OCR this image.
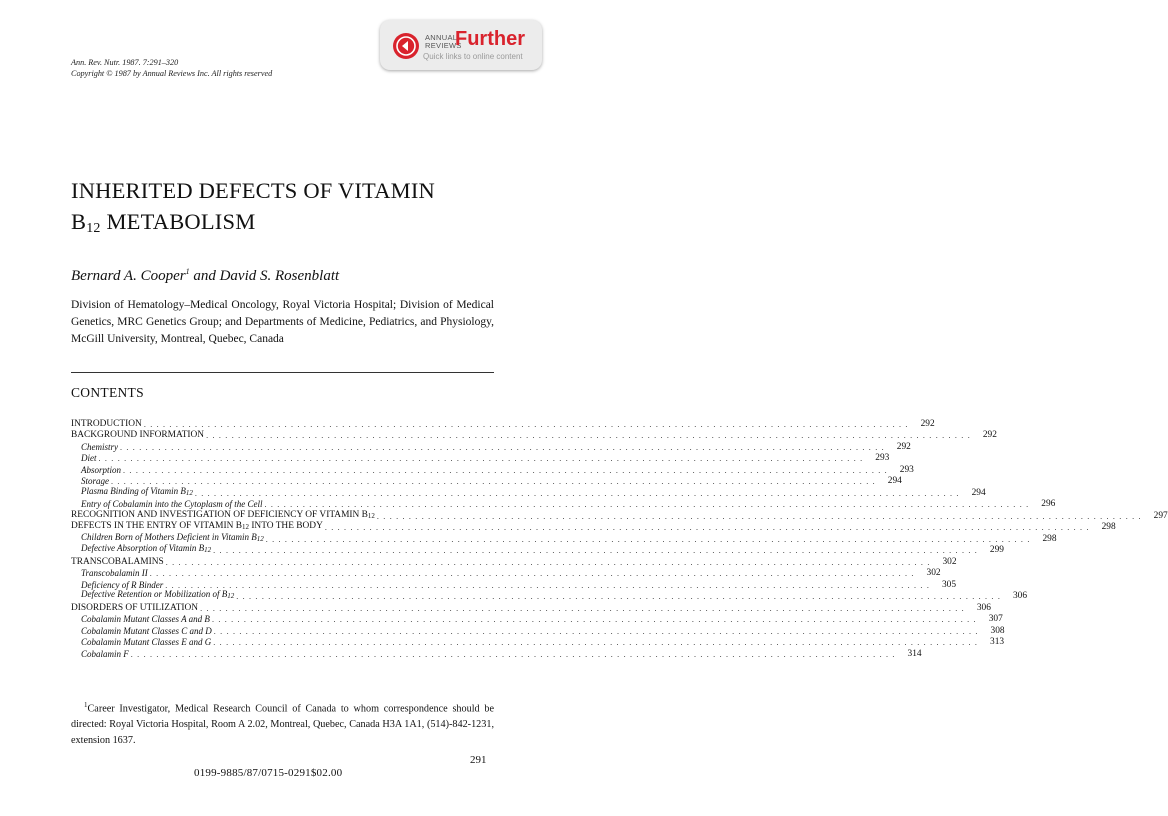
Ann. Rev. Nutr. 1987. 7:291–320
Copyright © 1987 by Annual Reviews Inc. All rights reserved
ANNUAL
REVIEWS
Further
Quick links to online content
INHERITED DEFECTS OF VITAMIN
$B_{12}$ METABOLISM
Bernard A. Cooper$^1$ and David S. Rosenblatt
Division of Hematology–Medical Oncology, Royal Victoria Hospital; Division of Medical Genetics, MRC Genetics Group; and Departments of Medicine, Pediatrics, and Physiology, McGill University, Montreal, Quebec, Canada
CONTENTS
INTRODUCTION . . . . . . . . . . . . . . . . . . . . . . . . . . . . . . . . . . . . . . . . . . . . . . . . . . . . . . . . . . . . . . . . . . . . . . . . . . . . . . . . . . . . . . . . . . . . . . . . . . . . . . . . . . . . . . . . . . . . . . . .	292
BACKGROUND INFORMATION . . . . . . . . . . . . . . . . . . . . . . . . . . . . . . . . . . . . . . . . . . . . . . . . . . . . . . . . . . . . . . . . . . . . . . . . . . . . . . . . . . . . . . . . . . . . . . . . . . . . . . . . . . . . . . . . . . . . . . . .	292
Chemistry . . . . . . . . . . . . . . . . . . . . . . . . . . . . . . . . . . . . . . . . . . . . . . . . . . . . . . . . . . . . . . . . . . . . . . . . . . . . . . . . . . . . . . . . . . . . . . . . . . . . . . . . . . . . . . . . . . . . . . . .	292
Diet . . . . . . . . . . . . . . . . . . . . . . . . . . . . . . . . . . . . . . . . . . . . . . . . . . . . . . . . . . . . . . . . . . . . . . . . . . . . . . . . . . . . . . . . . . . . . . . . . . . . . . . . . . . . . . . . . . . . . . . .	293
Absorption . . . . . . . . . . . . . . . . . . . . . . . . . . . . . . . . . . . . . . . . . . . . . . . . . . . . . . . . . . . . . . . . . . . . . . . . . . . . . . . . . . . . . . . . . . . . . . . . . . . . . . . . . . . . . . . . . . . . . . . .	293
Storage . . . . . . . . . . . . . . . . . . . . . . . . . . . . . . . . . . . . . . . . . . . . . . . . . . . . . . . . . . . . . . . . . . . . . . . . . . . . . . . . . . . . . . . . . . . . . . . . . . . . . . . . . . . . . . . . . . . . . . . .	294
Plasma Binding of Vitamin $B_{12}$ . . . . . . . . . . . . . . . . . . . . . . . . . . . . . . . . . . . . . . . . . . . . . . . . . . . . . . . . . . . . . . . . . . . . . . . . . . . . . . . . . . . . . . . . . . . . . . . . . . . . . . . . . . . . . . . . . . . . . . . .	294
Entry of Cobalamin into the Cytoplasm of the Cell . . . . . . . . . . . . . . . . . . . . . . . . . . . . . . . . . . . . . . . . . . . . . . . . . . . . . . . . . . . . . . . . . . . . . . . . . . . . . . . . . . . . . . . . . . . . . . . . . . . . . . . . . . . . . . . . . . . . . . . .	296
RECOGNITION AND INVESTIGATION OF DEFICIENCY OF VITAMIN $B_{12}$ . . . . . . . . . . . . . . . . . . . . . . . . . . . . . . . . . . . . . . . . . . . . . . . . . . . . . . . . . . . . . . . . . . . . . . . . . . . . . . . . . . . . . . . . . . . . . . . . . . . . . . . . . . . . . . . . . . . . . . . .	297
DEFECTS IN THE ENTRY OF VITAMIN $B_{12}$ INTO THE BODY . . . . . . . . . . . . . . . . . . . . . . . . . . . . . . . . . . . . . . . . . . . . . . . . . . . . . . . . . . . . . . . . . . . . . . . . . . . . . . . . . . . . . . . . . . . . . . . . . . . . . . . . . . . . . . . . . . . . . . . .	298
Children Born of Mothers Deficient in Vitamin $B_{12}$ . . . . . . . . . . . . . . . . . . . . . . . . . . . . . . . . . . . . . . . . . . . . . . . . . . . . . . . . . . . . . . . . . . . . . . . . . . . . . . . . . . . . . . . . . . . . . . . . . . . . . . . . . . . . . . . . . . . . . . . .	298
Defective Absorption of Vitamin $B_{12}$ . . . . . . . . . . . . . . . . . . . . . . . . . . . . . . . . . . . . . . . . . . . . . . . . . . . . . . . . . . . . . . . . . . . . . . . . . . . . . . . . . . . . . . . . . . . . . . . . . . . . . . . . . . . . . . . . . . . . . . . .	299
TRANSCOBALAMINS . . . . . . . . . . . . . . . . . . . . . . . . . . . . . . . . . . . . . . . . . . . . . . . . . . . . . . . . . . . . . . . . . . . . . . . . . . . . . . . . . . . . . . . . . . . . . . . . . . . . . . . . . . . . . . . . . . . . . . . .	302
Transcobalamin II . . . . . . . . . . . . . . . . . . . . . . . . . . . . . . . . . . . . . . . . . . . . . . . . . . . . . . . . . . . . . . . . . . . . . . . . . . . . . . . . . . . . . . . . . . . . . . . . . . . . . . . . . . . . . . . . . . . . . . . .	302
Deficiency of R Binder . . . . . . . . . . . . . . . . . . . . . . . . . . . . . . . . . . . . . . . . . . . . . . . . . . . . . . . . . . . . . . . . . . . . . . . . . . . . . . . . . . . . . . . . . . . . . . . . . . . . . . . . . . . . . . . . . . . . . . . .	305
Defective Retention or Mobilization of $B_{12}$ . . . . . . . . . . . . . . . . . . . . . . . . . . . . . . . . . . . . . . . . . . . . . . . . . . . . . . . . . . . . . . . . . . . . . . . . . . . . . . . . . . . . . . . . . . . . . . . . . . . . . . . . . . . . . . . . . . . . . . . .	306
DISORDERS OF UTILIZATION . . . . . . . . . . . . . . . . . . . . . . . . . . . . . . . . . . . . . . . . . . . . . . . . . . . . . . . . . . . . . . . . . . . . . . . . . . . . . . . . . . . . . . . . . . . . . . . . . . . . . . . . . . . . . . . . . . . . . . . .	306
Cobalamin Mutant Classes A and B . . . . . . . . . . . . . . . . . . . . . . . . . . . . . . . . . . . . . . . . . . . . . . . . . . . . . . . . . . . . . . . . . . . . . . . . . . . . . . . . . . . . . . . . . . . . . . . . . . . . . . . . . . . . . . . . . . . . . . . .	307
Cobalamin Mutant Classes C and D . . . . . . . . . . . . . . . . . . . . . . . . . . . . . . . . . . . . . . . . . . . . . . . . . . . . . . . . . . . . . . . . . . . . . . . . . . . . . . . . . . . . . . . . . . . . . . . . . . . . . . . . . . . . . . . . . . . . . . . .	308
Cobalamin Mutant Classes E and G . . . . . . . . . . . . . . . . . . . . . . . . . . . . . . . . . . . . . . . . . . . . . . . . . . . . . . . . . . . . . . . . . . . . . . . . . . . . . . . . . . . . . . . . . . . . . . . . . . . . . . . . . . . . . . . . . . . . . . . .	313
Cobalamin F . . . . . . . . . . . . . . . . . . . . . . . . . . . . . . . . . . . . . . . . . . . . . . . . . . . . . . . . . . . . . . . . . . . . . . . . . . . . . . . . . . . . . . . . . . . . . . . . . . . . . . . . . . . . . . . . . . . . . . . .	314
$^1$Career Investigator, Medical Research Council of Canada to whom correspondence should be directed: Royal Victoria Hospital, Room A 2.02, Montreal, Quebec, Canada H3A 1A1, (514)-842-1231, extension 1637.
291
0199-9885/87/0715-0291$02.00
